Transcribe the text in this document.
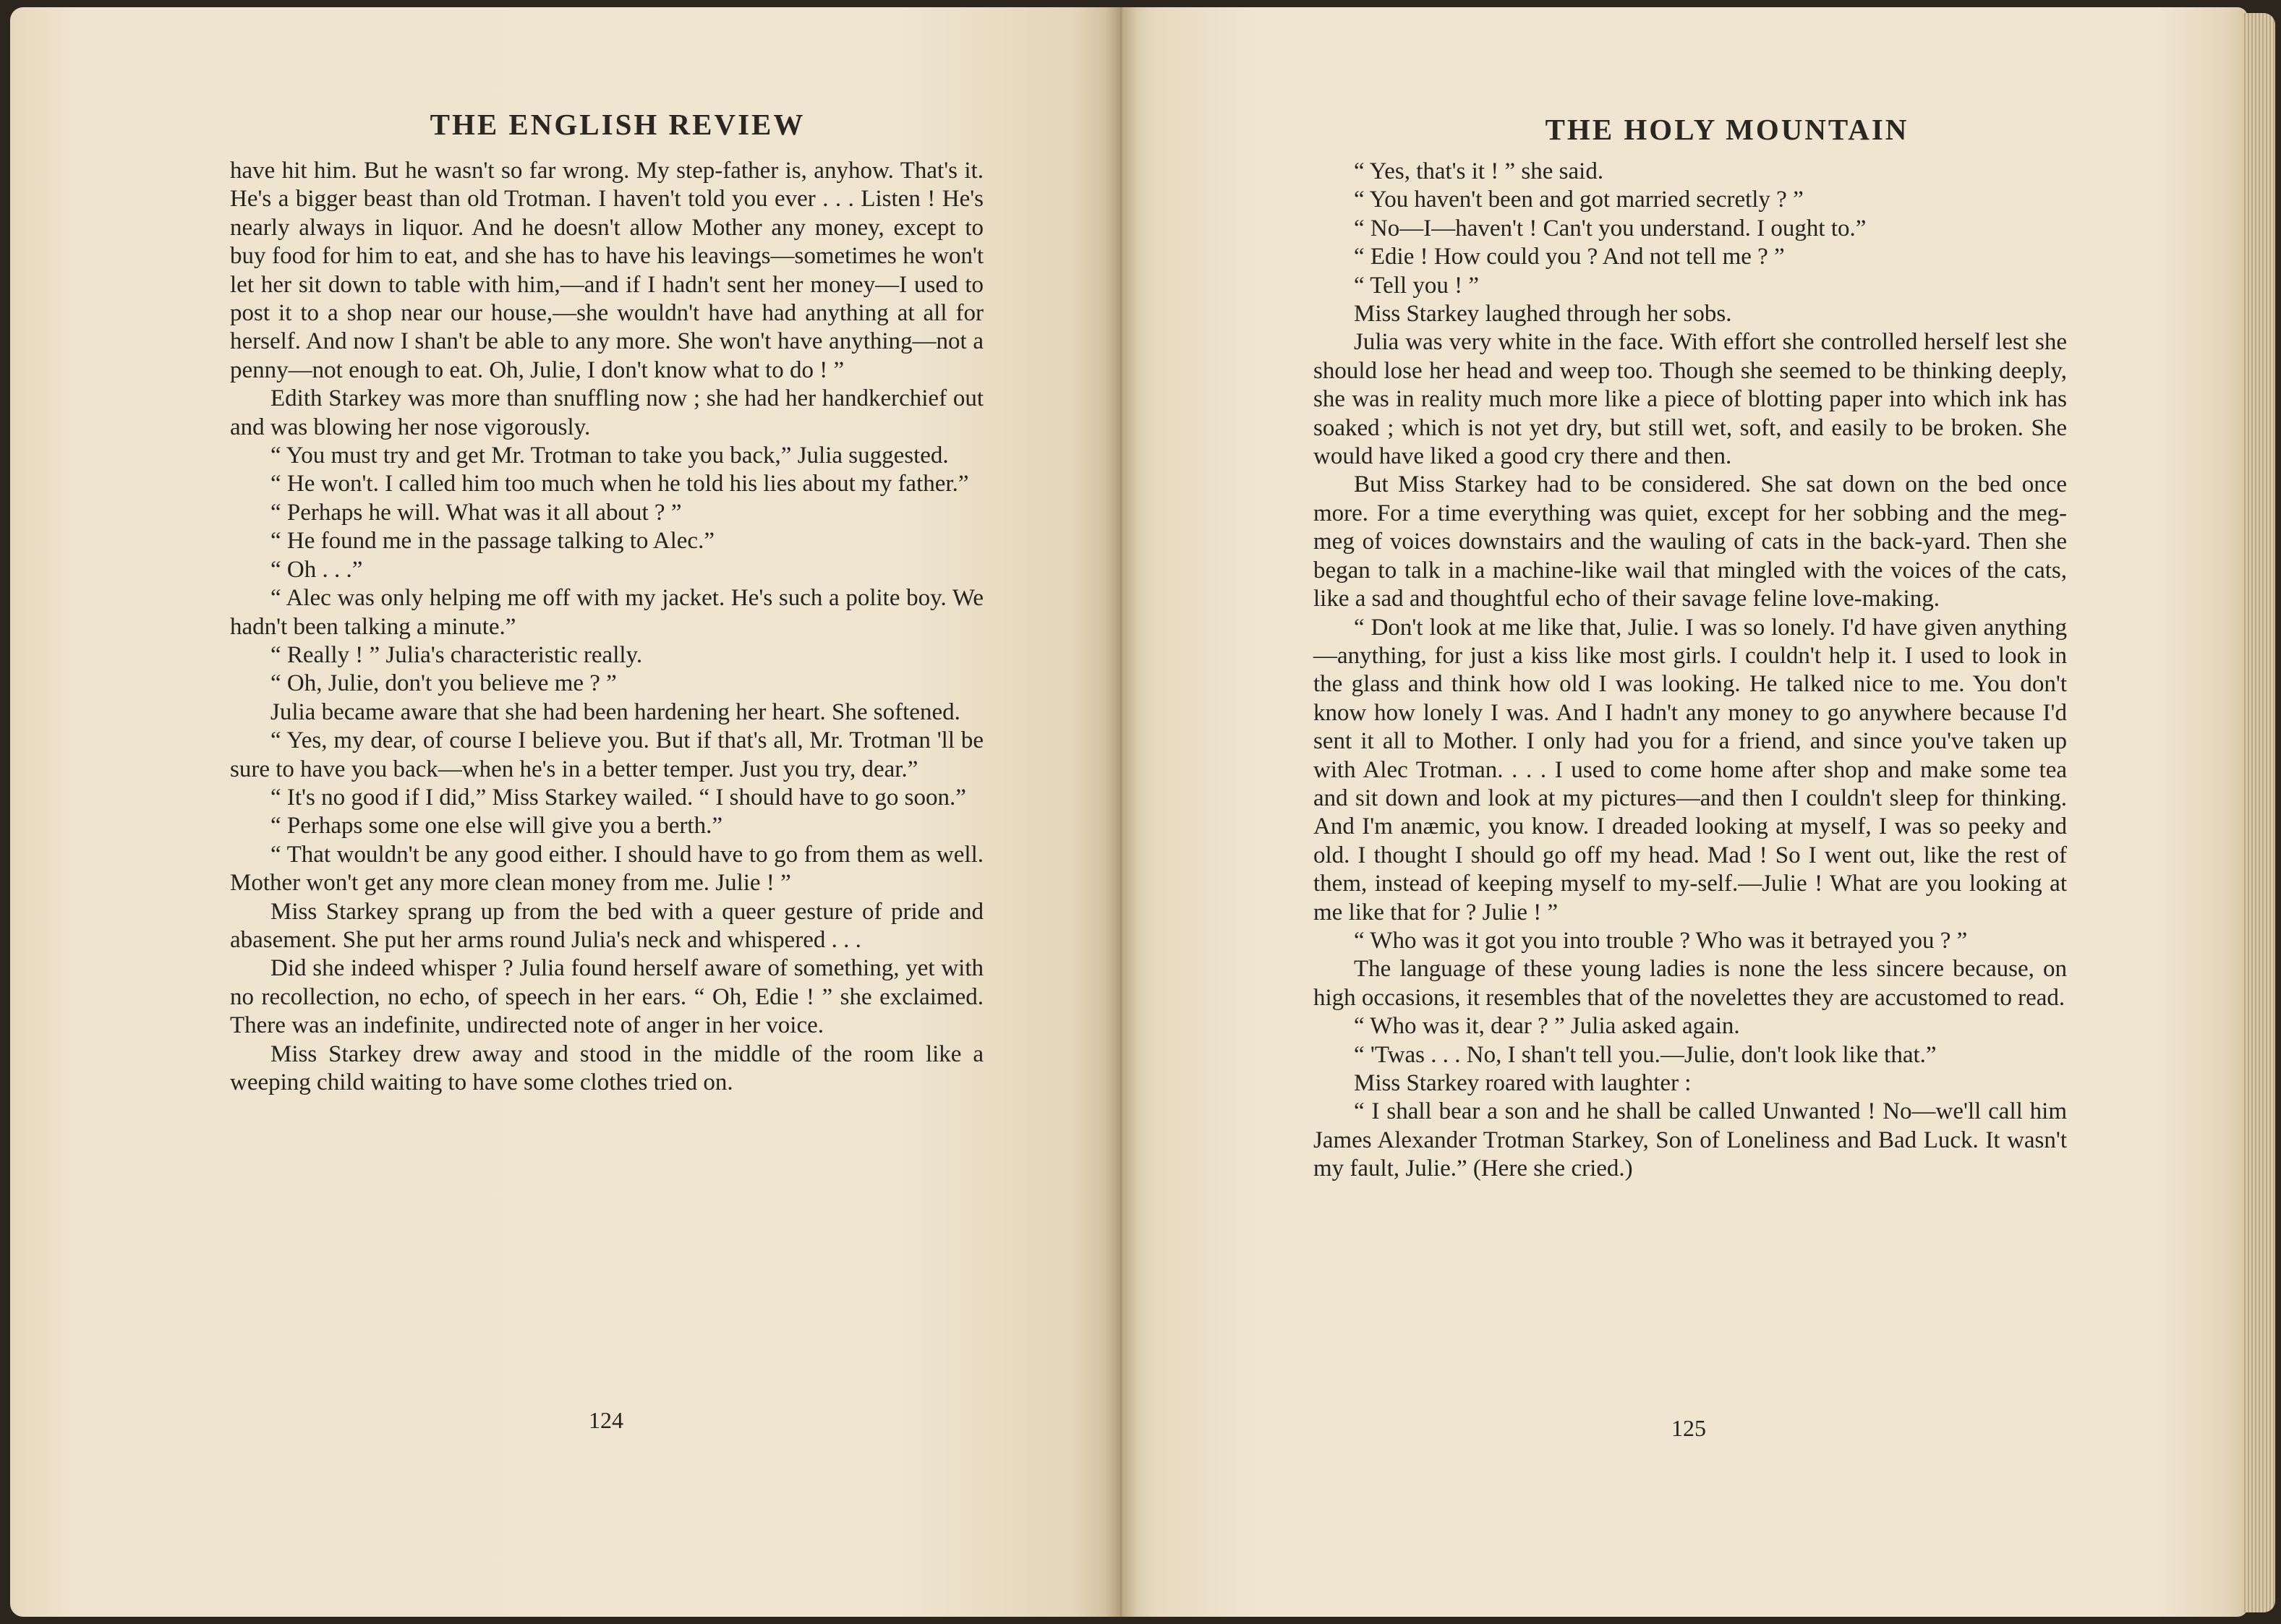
THE ENGLISH REVIEW

have hit him. But he wasn't so far wrong. My step-father is, anyhow. That's it. He's a bigger beast than old Trotman. I haven't told you ever . . . Listen ! He's nearly always in liquor. And he doesn't allow Mother any money, except to buy food for him to eat, and she has to have his leavings—sometimes he won't let her sit down to table with him,—and if I hadn't sent her money—I used to post it to a shop near our house,—she wouldn't have had anything at all for herself. And now I shan't be able to any more. She won't have anything—not a penny—not enough to eat. Oh, Julie, I don't know what to do ! ”

Edith Starkey was more than snuffling now ; she had her handkerchief out and was blowing her nose vigorously.

“ You must try and get Mr. Trotman to take you back,” Julia suggested.

“ He won't. I called him too much when he told his lies about my father.”

“ Perhaps he will. What was it all about ? ”

“ He found me in the passage talking to Alec.”

“ Oh . . .”

“ Alec was only helping me off with my jacket. He's such a polite boy. We hadn't been talking a minute.”

“ Really ! ” Julia's characteristic really.

“ Oh, Julie, don't you believe me ? ”

Julia became aware that she had been hardening her heart. She softened.

“ Yes, my dear, of course I believe you. But if that's all, Mr. Trotman 'll be sure to have you back—when he's in a better temper. Just you try, dear.”

“ It's no good if I did,” Miss Starkey wailed. “ I should have to go soon.”

“ Perhaps some one else will give you a berth.”

“ That wouldn't be any good either. I should have to go from them as well. Mother won't get any more clean money from me. Julie ! ”

Miss Starkey sprang up from the bed with a queer gesture of pride and abasement. She put her arms round Julia's neck and whispered . . .

Did she indeed whisper ? Julia found herself aware of something, yet with no recollection, no echo, of speech in her ears. “ Oh, Edie ! ” she exclaimed. There was an indefinite, undirected note of anger in her voice.

Miss Starkey drew away and stood in the middle of the room like a weeping child waiting to have some clothes tried on.

124
THE HOLY MOUNTAIN

“ Yes, that's it ! ” she said.

“ You haven't been and got married secretly ? ”

“ No—I—haven't ! Can't you understand. I ought to.”

“ Edie ! How could you ? And not tell me ? ”

“ Tell you ! ”

Miss Starkey laughed through her sobs.

Julia was very white in the face. With effort she controlled herself lest she should lose her head and weep too. Though she seemed to be thinking deeply, she was in reality much more like a piece of blotting paper into which ink has soaked ; which is not yet dry, but still wet, soft, and easily to be broken. She would have liked a good cry there and then.

But Miss Starkey had to be considered. She sat down on the bed once more. For a time everything was quiet, except for her sobbing and the meg-meg of voices downstairs and the wauling of cats in the back-yard. Then she began to talk in a machine-like wail that mingled with the voices of the cats, like a sad and thoughtful echo of their savage feline love-making.

“ Don't look at me like that, Julie. I was so lonely. I'd have given anything—anything, for just a kiss like most girls. I couldn't help it. I used to look in the glass and think how old I was looking. He talked nice to me. You don't know how lonely I was. And I hadn't any money to go anywhere because I'd sent it all to Mother. I only had you for a friend, and since you've taken up with Alec Trotman. . . . I used to come home after shop and make some tea and sit down and look at my pictures—and then I couldn't sleep for thinking. And I'm anæmic, you know. I dreaded looking at myself, I was so peeky and old. I thought I should go off my head. Mad ! So I went out, like the rest of them, instead of keeping myself to my-self.—Julie ! What are you looking at me like that for ? Julie ! ”

“ Who was it got you into trouble ? Who was it betrayed you ? ”

The language of these young ladies is none the less sincere because, on high occasions, it resembles that of the novelettes they are accustomed to read.

“ Who was it, dear ? ” Julia asked again.

“ 'Twas . . . No, I shan't tell you.—Julie, don't look like that.”

Miss Starkey roared with laughter :

“ I shall bear a son and he shall be called Unwanted ! No—we'll call him James Alexander Trotman Starkey, Son of Loneliness and Bad Luck. It wasn't my fault, Julie.” (Here she cried.)

125
